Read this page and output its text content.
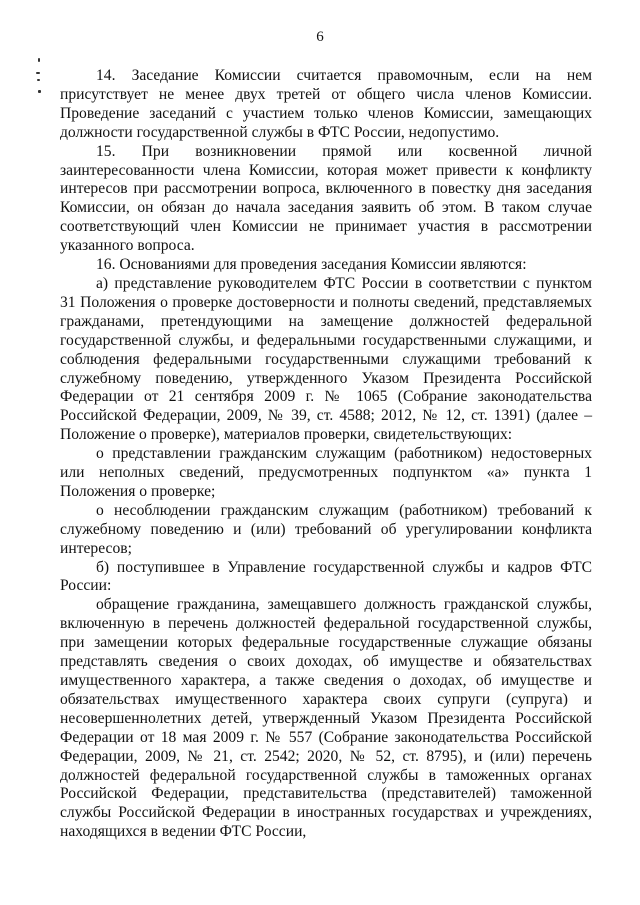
6

14. Заседание Комиссии считается правомочным, если на нем присутствует не менее двух третей от общего числа членов Комиссии. Проведение заседаний с участием только членов Комиссии, замещающих должности государственной службы в ФТС России, недопустимо.

15. При возникновении прямой или косвенной личной заинтересованности члена Комиссии, которая может привести к конфликту интересов при рассмотрении вопроса, включенного в повестку дня заседания Комиссии, он обязан до начала заседания заявить об этом. В таком случае соответствующий член Комиссии не принимает участия в рассмотрении указанного вопроса.

16. Основаниями для проведения заседания Комиссии являются:

а) представление руководителем ФТС России в соответствии с пунктом 31 Положения о проверке достоверности и полноты сведений, представляемых гражданами, претендующими на замещение должностей федеральной государственной службы, и федеральными государственными служащими, и соблюдения федеральными государственными служащими требований к служебному поведению, утвержденного Указом Президента Российской Федерации от 21 сентября 2009 г. № 1065 (Собрание законодательства Российской Федерации, 2009, № 39, ст. 4588; 2012, № 12, ст. 1391) (далее – Положение о проверке), материалов проверки, свидетельствующих:

о представлении гражданским служащим (работником) недостоверных или неполных сведений, предусмотренных подпунктом «а» пункта 1 Положения о проверке;

о несоблюдении гражданским служащим (работником) требований к служебному поведению и (или) требований об урегулировании конфликта интересов;

б) поступившее в Управление государственной службы и кадров ФТС России:

обращение гражданина, замещавшего должность гражданской службы, включенную в перечень должностей федеральной государственной службы, при замещении которых федеральные государственные служащие обязаны представлять сведения о своих доходах, об имуществе и обязательствах имущественного характера, а также сведения о доходах, об имуществе и обязательствах имущественного характера своих супруги (супруга) и несовершеннолетних детей, утвержденный Указом Президента Российской Федерации от 18 мая 2009 г. № 557 (Собрание законодательства Российской Федерации, 2009, № 21, ст. 2542; 2020, № 52, ст. 8795), и (или) перечень должностей федеральной государственной службы в таможенных органах Российской Федерации, представительства (представителей) таможенной службы Российской Федерации в иностранных государствах и учреждениях, находящихся в ведении ФТС России,
